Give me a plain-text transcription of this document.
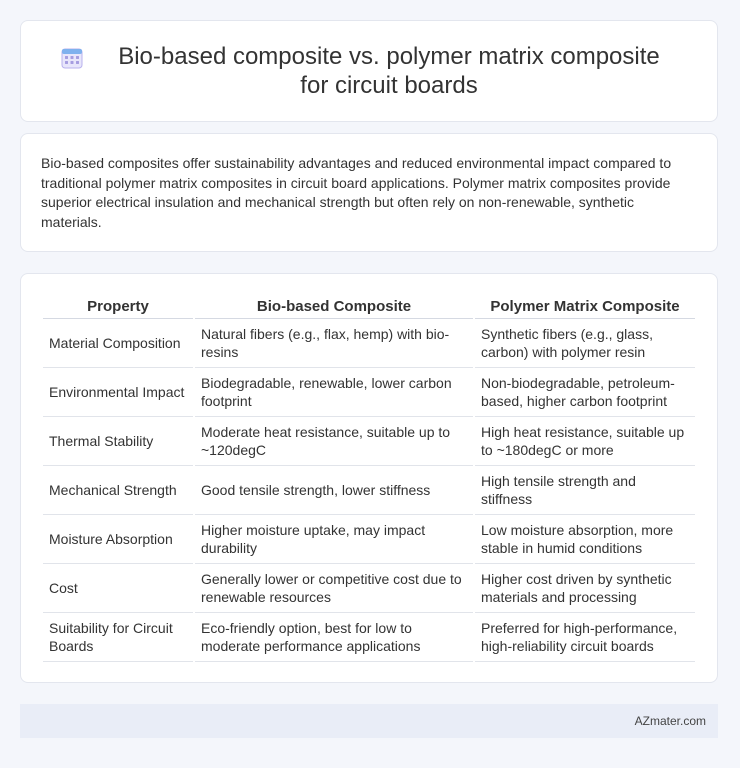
Bio-based composite vs. polymer matrix composite for circuit boards

Bio-based composites offer sustainability advantages and reduced environmental impact compared to traditional polymer matrix composites in circuit board applications. Polymer matrix composites provide superior electrical insulation and mechanical strength but often rely on non-renewable, synthetic materials.

Property	Bio-based Composite	Polymer Matrix Composite
Material Composition	Natural fibers (e.g., flax, hemp) with bio-resins	Synthetic fibers (e.g., glass, carbon) with polymer resin
Environmental Impact	Biodegradable, renewable, lower carbon footprint	Non-biodegradable, petroleum-based, higher carbon footprint
Thermal Stability	Moderate heat resistance, suitable up to ~120degC	High heat resistance, suitable up to ~180degC or more
Mechanical Strength	Good tensile strength, lower stiffness	High tensile strength and stiffness
Moisture Absorption	Higher moisture uptake, may impact durability	Low moisture absorption, more stable in humid conditions
Cost	Generally lower or competitive cost due to renewable resources	Higher cost driven by synthetic materials and processing
Suitability for Circuit Boards	Eco-friendly option, best for low to moderate performance applications	Preferred for high-performance, high-reliability circuit boards
AZmater.com
